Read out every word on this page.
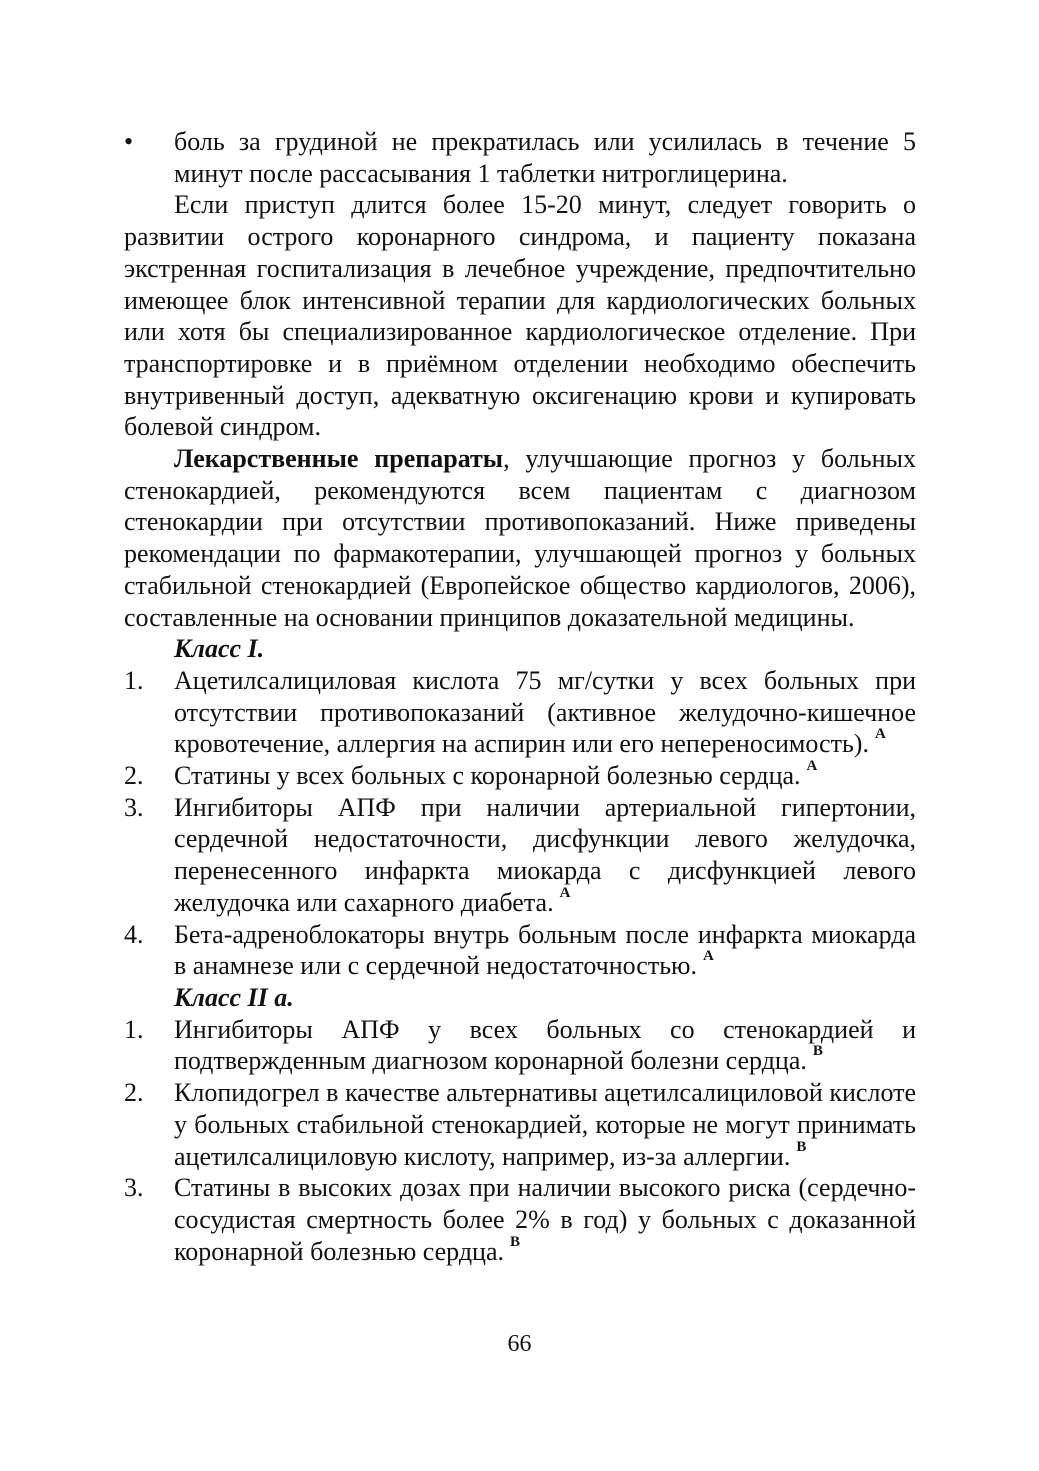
• боль за грудиной не прекратилась или усилилась в течение 5 минут после рассасывания 1 таблетки нитроглицерина.

Если приступ длится более 15-20 минут, следует говорить о развитии острого коронарного синдрома, и пациенту показана экстренная госпитализация в лечебное учреждение, предпочтительно имеющее блок интенсивной терапии для кардиологических больных или хотя бы специализированное кардиологическое отделение. При транспортировке и в приёмном отделении необходимо обеспечить внутривенный доступ, адекватную оксигенацию крови и купировать болевой синдром.

Лекарственные препараты, улучшающие прогноз у больных стенокардией, рекомендуются всем пациентам с диагнозом стенокардии при отсутствии противопоказаний. Ниже приведены рекомендации по фармакотерапии, улучшающей прогноз у больных стабильной стенокардией (Европейское общество кардиологов, 2006), составленные на основании принципов доказательной медицины.

Класс I.

1. Ацетилсалициловая кислота 75 мг/сутки у всех больных при отсутствии противопоказаний (активное желудочно-кишечное кровотечение, аллергия на аспирин или его непереносимость). $^A$

2. Статины у всех больных с коронарной болезнью сердца. $^A$

3. Ингибиторы АПФ при наличии артериальной гипертонии, сердечной недостаточности, дисфункции левого желудочка, перенесенного инфаркта миокарда с дисфункцией левого желудочка или сахарного диабета. $^A$

4. Бета-адреноблокаторы внутрь больным после инфаркта миокарда в анамнезе или с сердечной недостаточностью. $^A$

Класс II a.

1. Ингибиторы АПФ у всех больных со стенокардией и подтвержденным диагнозом коронарной болезни сердца. $^B$

2. Клопидогрел в качестве альтернативы ацетилсалициловой кислоте у больных стабильной стенокардией, которые не могут принимать ацетилсалициловую кислоту, например, из-за аллергии. $^B$

3. Статины в высоких дозах при наличии высокого риска (сердечно-сосудистая смертность более 2% в год) у больных с доказанной коронарной болезнью сердца. $^B$

66
